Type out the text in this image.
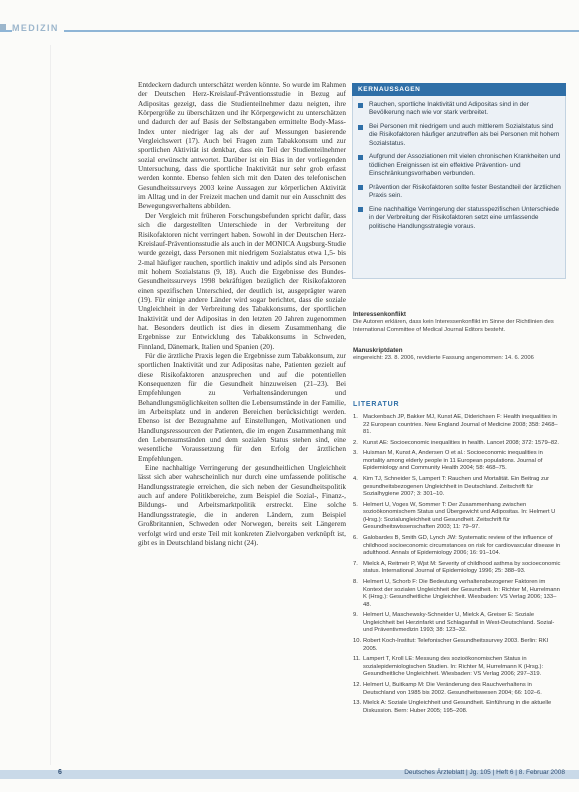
MEDIZIN

Entdeckern dadurch unterschätzt werden könnte. So wurde im Rahmen der Deutschen Herz-Kreislauf-Präventionsstudie in Bezug auf Adipositas gezeigt, dass die Studienteilnehmer dazu neigten, ihre Körpergröße zu überschätzen und ihr Körpergewicht zu unterschätzen und dadurch der auf Basis der Selbstangaben ermittelte Body-Mass-Index unter niedriger lag als der auf Messungen basierende Vergleichswert (17). Auch bei Fragen zum Tabakkonsum und zur sportlichen Aktivität ist denkbar, dass ein Teil der Studienteilnehmer sozial erwünscht antwortet. Darüber ist ein Bias in der vorliegenden Untersuchung, dass die sportliche Inaktivität nur sehr grob erfasst werden konnte. Ebenso fehlen sich mit den Daten des telefonischen Gesundheitssurveys 2003 keine Aussagen zur körperlichen Aktivität im Alltag und in der Freizeit machen und damit nur ein Ausschnitt des Bewegungsverhaltens abbilden.

Der Vergleich mit früheren Forschungsbefunden spricht dafür, dass sich die dargestellten Unterschiede in der Verbreitung der Risikofaktoren nicht verringert haben. Sowohl in der Deutschen Herz-Kreislauf-Präventionsstudie als auch in der MONICA Augsburg-Studie wurde gezeigt, dass Personen mit niedrigem Sozialstatus etwa 1,5- bis 2-mal häufiger rauchen, sportlich inaktiv und adipös sind als Personen mit hohem Sozialstatus (9, 18). Auch die Ergebnisse des Bundes-Gesundheitssurveys 1998 bekräftigen bezüglich der Risikofaktoren einen spezifischen Unterschied, der deutlich ist, ausgeprägter waren (19). Für einige andere Länder wird sogar berichtet, dass die soziale Ungleichheit in der Verbreitung des Tabakkonsums, der sportlichen Inaktivität und der Adipositas in den letzten 20 Jahren zugenommen hat. Besonders deutlich ist dies in diesem Zusammenhang die Ergebnisse zur Entwicklung des Tabakkonsums in Schweden, Finnland, Dänemark, Italien und Spanien (20).

Für die ärztliche Praxis legen die Ergebnisse zum Tabakkonsum, zur sportlichen Inaktivität und zur Adipositas nahe, Patienten gezielt auf diese Risikofaktoren anzusprechen und auf die potentiellen Konsequenzen für die Gesundheit hinzuweisen (21–23). Bei Empfehlungen zu Verhaltensänderungen und Behandlungsmöglichkeiten sollten die Lebensumstände in der Familie, im Arbeitsplatz und in anderen Bereichen berücksichtigt werden. Ebenso ist der Bezugnahme auf Einstellungen, Motivationen und Handlungsressourcen der Patienten, die im engen Zusammenhang mit den Lebensumständen und dem sozialen Status stehen sind, eine wesentliche Voraussetzung für den Erfolg der ärztlichen Empfehlungen.

Eine nachhaltige Verringerung der gesundheitlichen Ungleichheit lässt sich aber wahrscheinlich nur durch eine umfassende politische Handlungsstrategie erreichen, die sich neben der Gesundheitspolitik auch auf andere Politikbereiche, zum Beispiel die Sozial-, Finanz-, Bildungs- und Arbeitsmarktpolitik erstreckt. Eine solche Handlungsstrategie, die in anderen Ländern, zum Beispiel Großbritannien, Schweden oder Norwegen, bereits seit Längerem verfolgt wird und erste Teil mit konkreten Zielvorgaben verknüpft ist, gibt es in Deutschland bislang nicht (24).

KERNAUSSAGEN
Rauchen, sportliche Inaktivität und Adipositas sind in der Bevölkerung nach wie vor stark verbreitet.
Bei Personen mit niedrigem und auch mittlerem Sozialstatus sind die Risikofaktoren häufiger anzutreffen als bei Personen mit hohem Sozialstatus.
Aufgrund der Assoziationen mit vielen chronischen Krankheiten und tödlichen Ereignissen ist ein effektive Prävention- und Einschränkungsvorhaben verbunden.
Prävention der Risikofaktoren sollte fester Bestandteil der ärztlichen Praxis sein.
Eine nachhaltige Verringerung der statusspezifischen Unterschiede in der Verbreitung der Risikofaktoren setzt eine umfassende politische Handlungsstrategie voraus.
Interessenkonflikt
Die Autoren erklären, dass kein Interessenkonflikt im Sinne der Richtlinien des International Committee of Medical Journal Editors besteht.
Manuskriptdaten
eingereicht: 23. 8. 2006, revidierte Fassung angenommen: 14. 6. 2006
LITERATUR
1. Mackenbach JP, Bakker MJ, Kunst AE, Diderichsen F: Health inequalities in 22 European countries. New England Journal of Medicine 2008; 358: 2468–81.
2. Kunst AE: Socioeconomic inequalities in health. Lancet 2008; 372: 1579–82.
3. Huisman M, Kunst A, Andersen O et al.: Socioeconomic inequalities in mortality among elderly people in 11 European populations. Journal of Epidemiology and Community Health 2004; 58: 468–75.
4. Kim TJ, Schneider S, Lampert T: Rauchen und Mortalität. Ein Beitrag zur gesundheitsbezogenen Ungleichheit in Deutschland. Zeitschrift für Sozialhygiene 2007; 3: 301–10.
5. Helmert U, Voges W, Sommer T: Der Zusammenhang zwischen sozioökonomischem Status und Übergewicht und Adipositas. In: Helmert U (Hrsg.): Sozialungleichheit und Gesundheit. Zeitschrift für Gesundheitswissenschaften 2003; 11: 79–97.
6. Galobardes B, Smith GD, Lynch JW: Systematic review of the influence of childhood socioeconomic circumstances on risk for cardiovascular disease in adulthood. Annals of Epidemiology 2006; 16: 91–104.
7. Mielck A, Reitmeir P, Wjst M: Severity of childhood asthma by socioeconomic status. International Journal of Epidemiology 1996; 25: 388–93.
8. Helmert U, Schorb F: Die Bedeutung verhaltensbezogener Faktoren im Kontext der sozialen Ungleichheit der Gesundheit. In: Richter M, Hurrelmann K (Hrsg.): Gesundheitliche Ungleichheit. Wiesbaden: VS Verlag 2006; 133–48.
9. Helmert U, Maschewsky-Schneider U, Mielck A, Greiser E: Soziale Ungleichheit bei Herzinfarkt und Schlaganfall in West-Deutschland. Sozial- und Präventivmedizin 1993; 38: 123–32.
10. Robert Koch-Institut: Telefonischer Gesundheitssurvey 2003. Berlin: RKI 2005.
11. Lampert T, Kroll LE: Messung des sozioökonomischen Status in sozialepidemiologischen Studien. In: Richter M, Hurrelmann K (Hrsg.): Gesundheitliche Ungleichheit. Wiesbaden: VS Verlag 2006; 297–319.
12. Helmert U, Buitkamp M: Die Veränderung des Rauchverhaltens in Deutschland von 1985 bis 2002. Gesundheitswesen 2004; 66: 102–6.
13. Mielck A: Soziale Ungleichheit und Gesundheit. Einführung in die aktuelle Diskussion. Bern: Huber 2005; 195–208.
6	Deutsches Ärzteblatt | Jg. 105 | Heft 6 | 8. Februar 2008
